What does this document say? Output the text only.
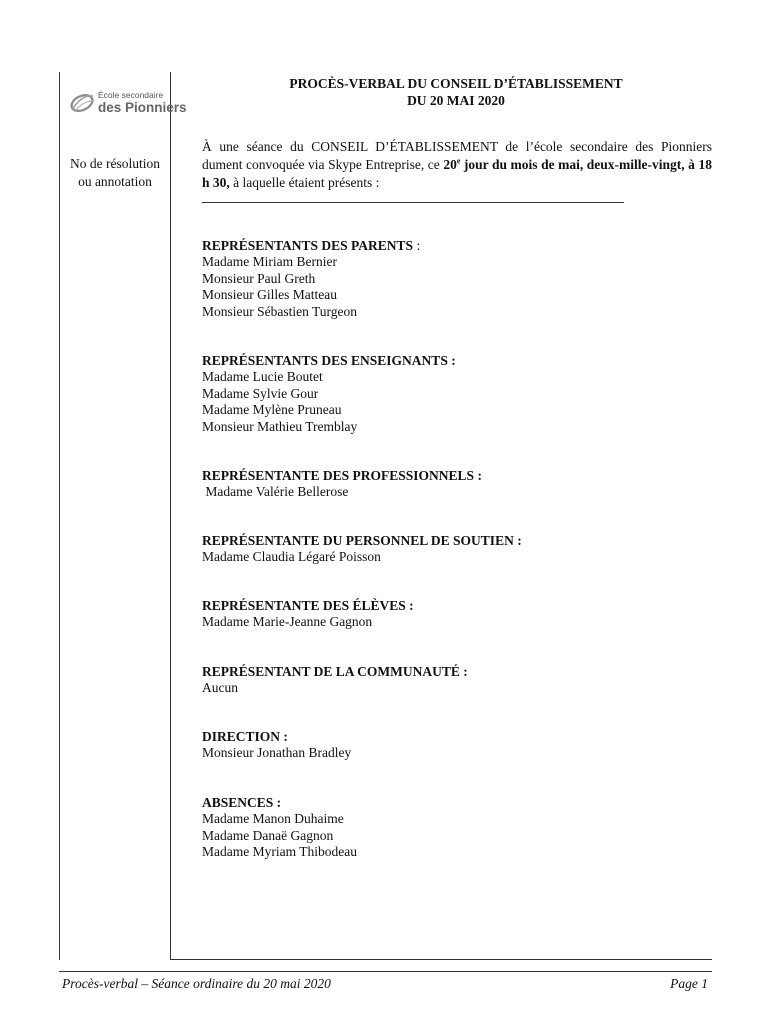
École secondaire
des Pionniers
No de résolution
ou annotation
PROCÈS-VERBAL DU CONSEIL D’ÉTABLISSEMENT
DU 20 MAI 2020
À une séance du CONSEIL D’ÉTABLISSEMENT de l’école secondaire des Pionniers dument convoquée via Skype Entreprise, ce 20e jour du mois de mai, deux-mille-vingt, à 18 h 30, à laquelle étaient présents :
REPRÉSENTANTS DES PARENTS :
Madame Miriam Bernier
Monsieur Paul Greth
Monsieur Gilles Matteau
Monsieur Sébastien Turgeon
REPRÉSENTANTS DES ENSEIGNANTS :
Madame Lucie Boutet
Madame Sylvie Gour
Madame Mylène Pruneau
Monsieur Mathieu Tremblay
REPRÉSENTANTE DES PROFESSIONNELS :
Madame Valérie Bellerose
REPRÉSENTANTE DU PERSONNEL DE SOUTIEN :
Madame Claudia Légaré Poisson
REPRÉSENTANTE DES ÉLÈVES :
Madame Marie-Jeanne Gagnon
REPRÉSENTANT DE LA COMMUNAUTÉ :
Aucun
DIRECTION :
Monsieur Jonathan Bradley
ABSENCES :
Madame Manon Duhaime
Madame Danaë Gagnon
Madame Myriam Thibodeau
Procès-verbal – Séance ordinaire du 20 mai 2020	Page 1
